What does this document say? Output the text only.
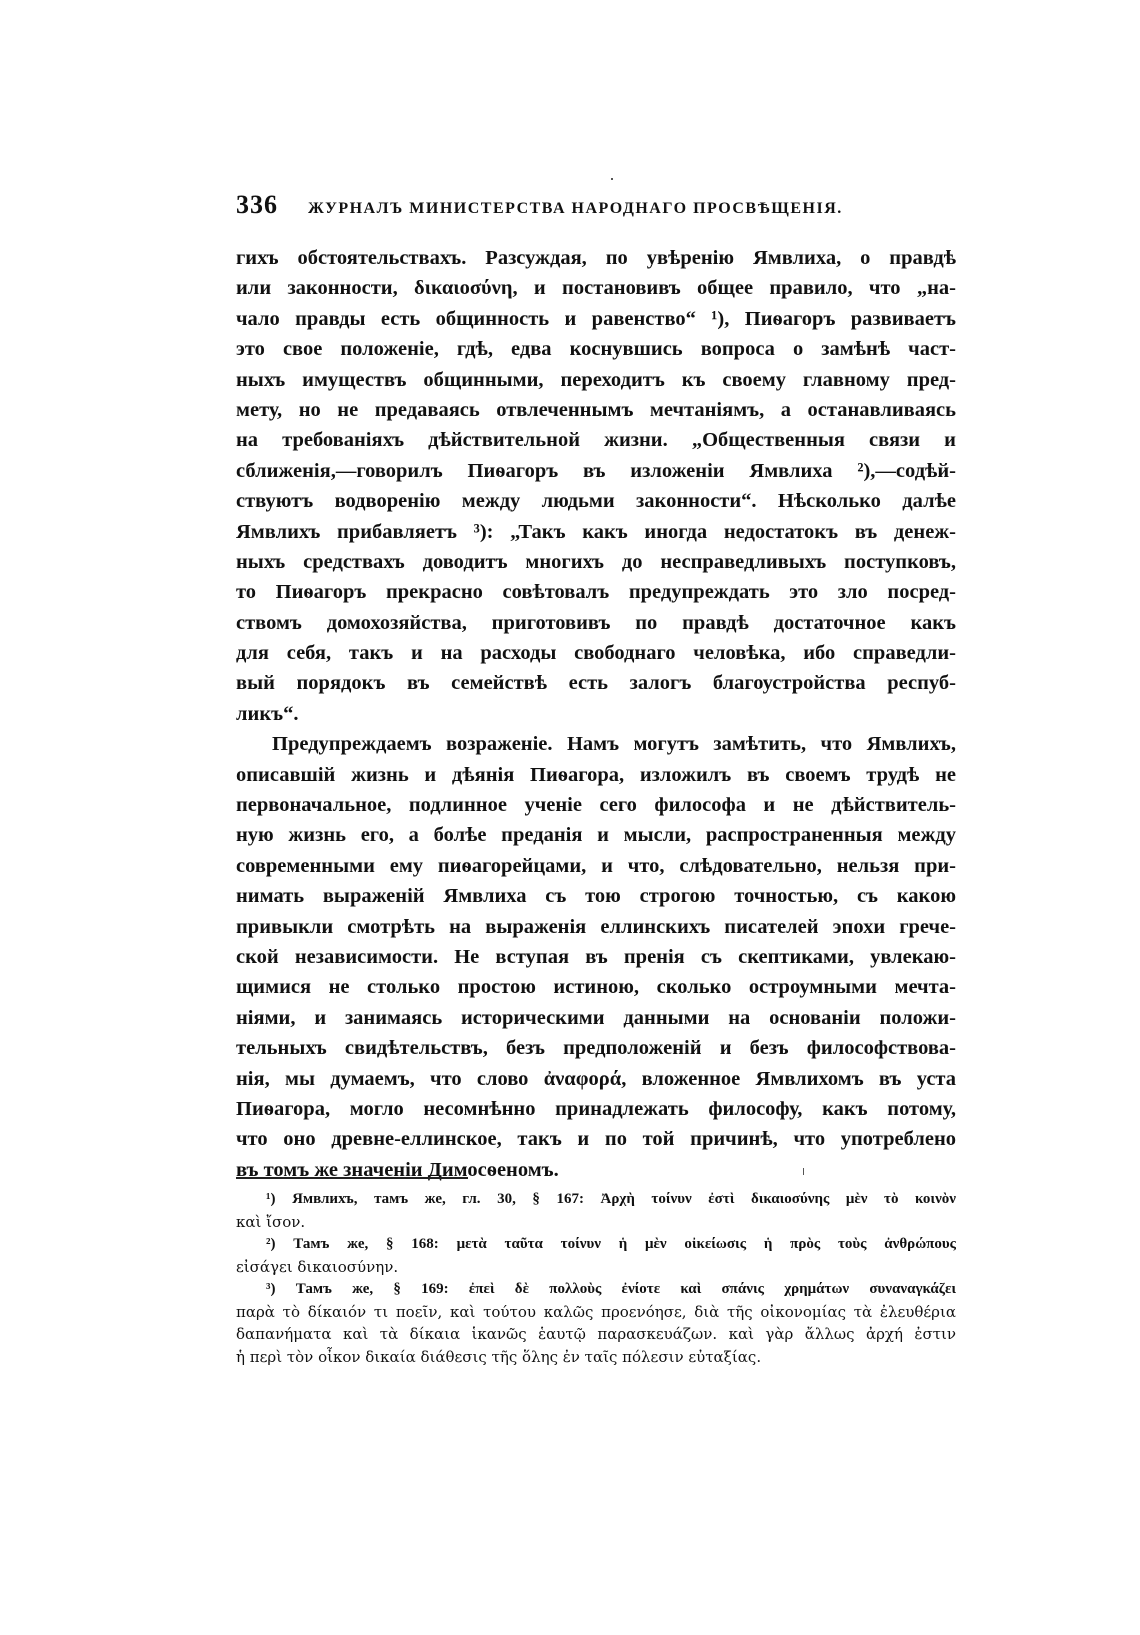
336 ЖУРНАЛЪ МИНИСТЕРСТВА НАРОДНАГО ПРОСВѢЩЕНІЯ.
гихъ обстоятельствахъ. Разсуждая, по увѣренію Ямвлиха, о правдѣ
или законности, δικαιοσύνη, и постановивъ общее правило, что „на-
чало правды есть общинность и равенство“ ¹), Пиѳагоръ развиваетъ
это свое положеніе, гдѣ, едва коснувшись вопроса о замѣнѣ част-
ныхъ имуществъ общинными, переходитъ къ своему главному пред-
мету, но не предаваясь отвлеченнымъ мечтаніямъ, а останавливаясь
на требованіяхъ дѣйствительной жизни. „Общественныя связи и
сближенія,—говорилъ Пиѳагоръ въ изложеніи Ямвлиха ²),—содѣй-
ствуютъ водворенію между людьми законности“. Нѣсколько далѣе
Ямвлихъ прибавляетъ ³): „Такъ какъ иногда недостатокъ въ денеж-
ныхъ средствахъ доводитъ многихъ до несправедливыхъ поступковъ,
то Пиѳагоръ прекрасно совѣтовалъ предупреждать это зло посред-
ствомъ домохозяйства, приготовивъ по правдѣ достаточное какъ
для себя, такъ и на расходы свободнаго человѣка, ибо справедли-
вый порядокъ въ семействѣ есть залогъ благоустройства респуб-
ликъ“.
Предупреждаемъ возраженіе. Намъ могутъ замѣтить, что Ямвлихъ,
описавшій жизнь и дѣянія Пиѳагора, изложилъ въ своемъ трудѣ не
первоначальное, подлинное ученіе сего философа и не дѣйствитель-
ную жизнь его, а болѣе преданія и мысли, распространенныя между
современными ему пиѳагорейцами, и что, слѣдовательно, нельзя при-
нимать выраженій Ямвлиха съ тою строгою точностью, съ какою
привыкли смотрѣть на выраженія еллинскихъ писателей эпохи грече-
ской независимости. Не вступая въ пренія съ скептиками, увлекаю-
щимися не столько простою истиною, сколько остроумными мечта-
ніями, и занимаясь историческими данными на основаніи положи-
тельныхъ свидѣтельствъ, безъ предположеній и безъ философствова-
нія, мы думаемъ, что слово ἀναφορά, вложенное Ямвлихомъ въ уста
Пиѳагора, могло несомнѣнно принадлежать философу, какъ потому,
что оно древне-еллинское, такъ и по той причинѣ, что употреблено
въ томъ же значеніи Димосѳеномъ.
¹) Ямвлихъ, тамъ же, гл. 30, § 167: Ἀρχὴ τοίνυν ἐστὶ δικαιοσύνης μὲν τὸ κοινὸν
καὶ ἴσον.
²) Тамъ же, § 168: μετὰ ταῦτα τοίνυν ἡ μὲν οἰκείωσις ἡ πρὸς τοὺς ἀνθρώπους
εἰσάγει δικαιοσύνην.
³) Тамъ же, § 169: ἐπεὶ δὲ πολλοὺς ἐνίοτε καὶ σπάνις χρημάτων συναναγκάζει
παρὰ τὸ δίκαιόν τι ποεῖν, καὶ τούτου καλῶς προενόησε, διὰ τῆς οἰκονομίας τὰ ἐλευθέρια
δαπανήματα καὶ τὰ δίκαια ἱκανῶς ἑαυτῷ παρασκευάζων. καὶ γὰρ ἄλλως ἀρχή ἐστιν
ἡ περὶ τὸν οἶκον δικαία διάθεσις τῆς ὅλης ἐν ταῖς πόλεσιν εὐταξίας.
